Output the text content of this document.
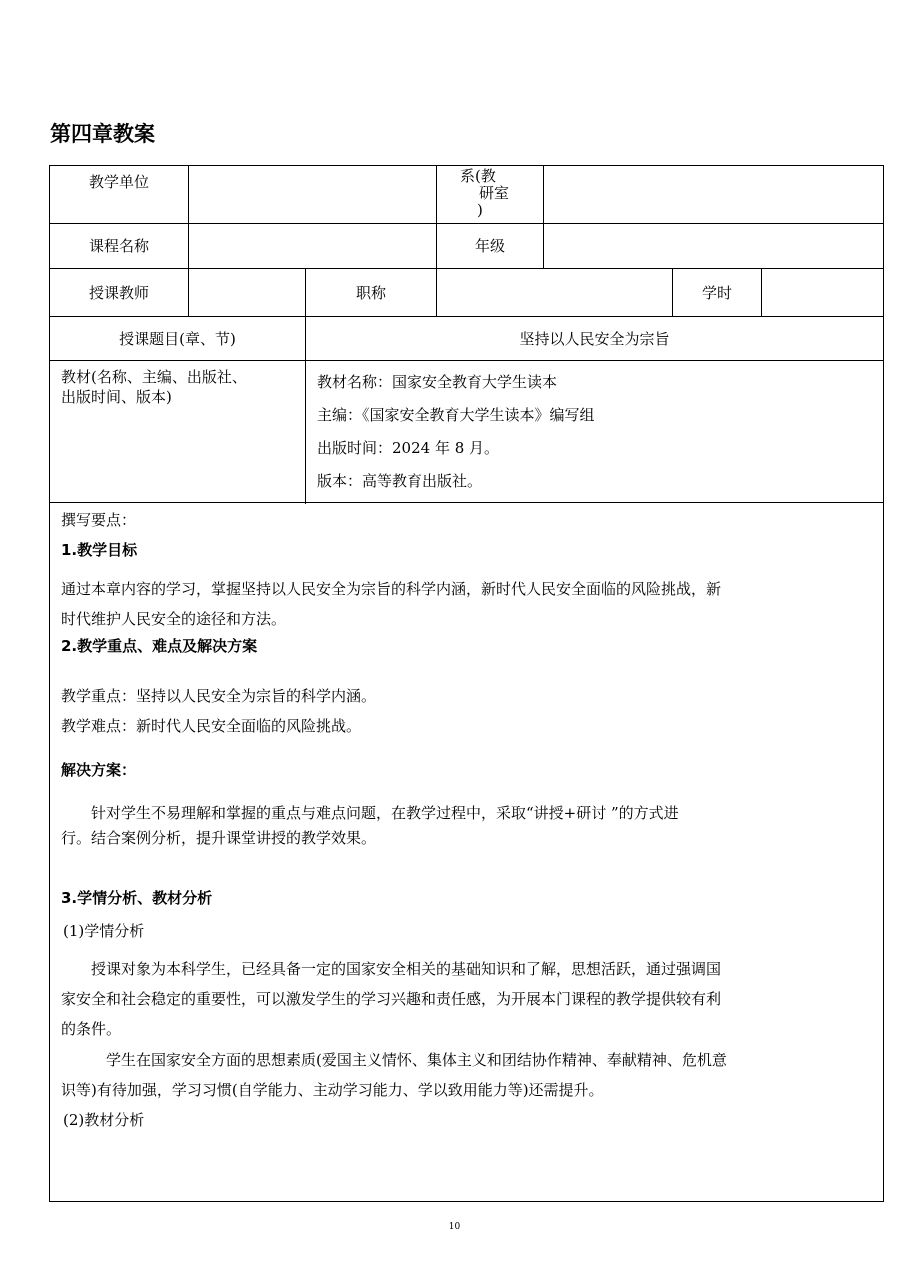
第四章教案
教学单位	系(教
研室
)
课程名称	年级
授课教师	职称	学时
授课题目(章、节)	坚持以人民安全为宗旨
教材(名称、主编、出版社、
出版时间、版本)
教材名称：国家安全教育大学生读本
主编：《国家安全教育大学生读本》编写组
出版时间：2024 年 8 月。
版本：高等教育出版社。
撰写要点：
1.教学目标
通过本章内容的学习，掌握坚持以人民安全为宗旨的科学内涵，新时代人民安全面临的风险挑战，新
时代维护人民安全的途径和方法。
2.教学重点、难点及解决方案
教学重点：坚持以人民安全为宗旨的科学内涵。
教学难点：新时代人民安全面临的风险挑战。
解决方案：
针对学生不易理解和掌握的重点与难点问题，在教学过程中，采取“讲授+研讨 ”的方式进
行。结合案例分析，提升课堂讲授的教学效果。
3.学情分析、教材分析
(1)学情分析
授课对象为本科学生，已经具备一定的国家安全相关的基础知识和了解，思想活跃，通过强调国
家安全和社会稳定的重要性，可以激发学生的学习兴趣和责任感，为开展本门课程的教学提供较有利
的条件。
学生在国家安全方面的思想素质(爱国主义情怀、集体主义和团结协作精神、奉献精神、危机意
识等)有待加强，学习习惯(自学能力、主动学习能力、学以致用能力等)还需提升。
(2)教材分析
10
